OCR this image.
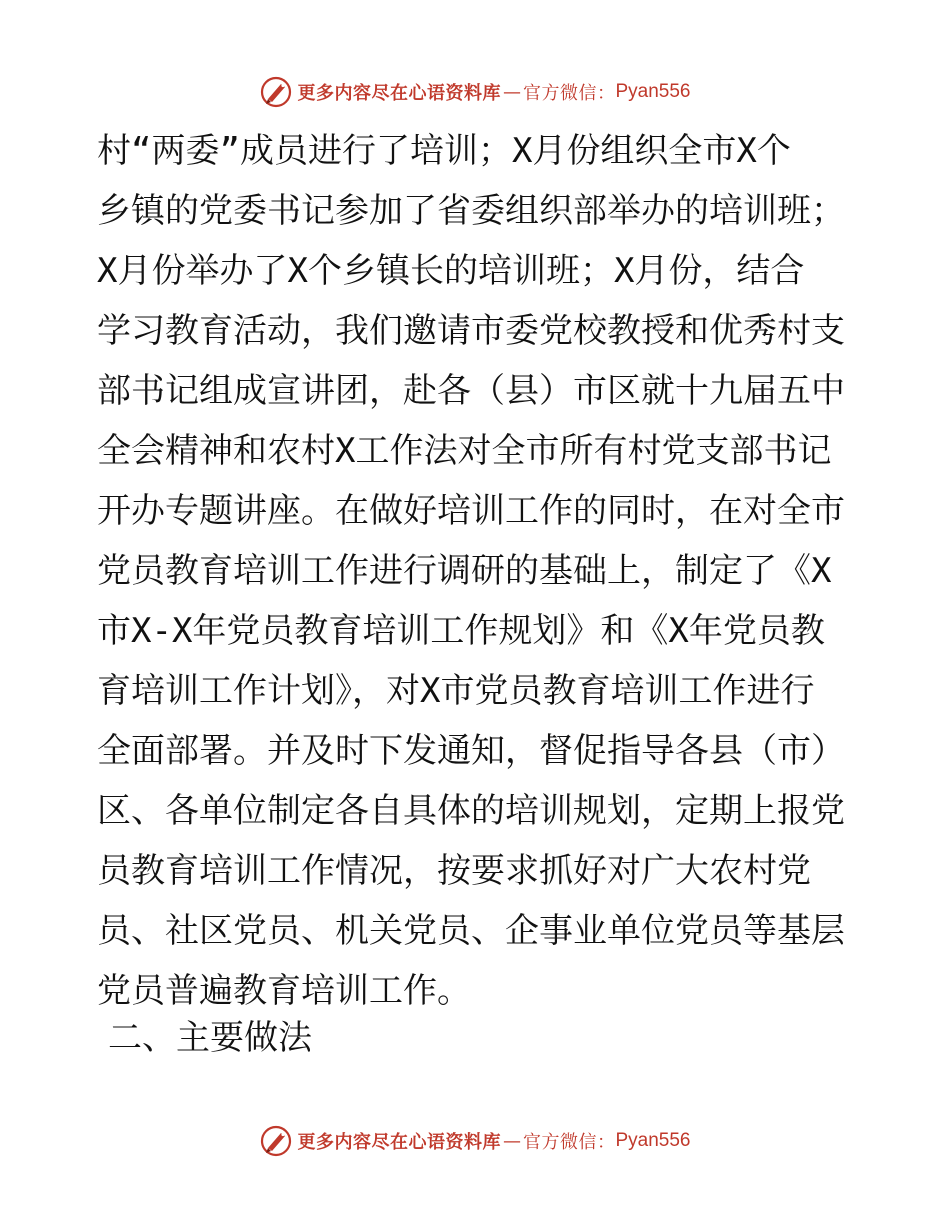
更多内容尽在心语资料库 — 官方微信： Pyan556
村“两委”成员进行了培训；X月份组织全市X个
乡镇的党委书记参加了省委组织部举办的培训班；
X月份举办了X个乡镇长的培训班；X月份，结合
学习教育活动，我们邀请市委党校教授和优秀村支
部书记组成宣讲团，赴各（县）市区就十九届五中
全会精神和农村X工作法对全市所有村党支部书记
开办专题讲座。在做好培训工作的同时，在对全市
党员教育培训工作进行调研的基础上，制定了《X
市X-X年党员教育培训工作规划》和《X年党员教
育培训工作计划》，对X市党员教育培训工作进行
全面部署。并及时下发通知，督促指导各县（市）
区、各单位制定各自具体的培训规划，定期上报党
员教育培训工作情况，按要求抓好对广大农村党
员、社区党员、机关党员、企事业单位党员等基层
党员普遍教育培训工作。
二、主要做法
更多内容尽在心语资料库 — 官方微信： Pyan556
